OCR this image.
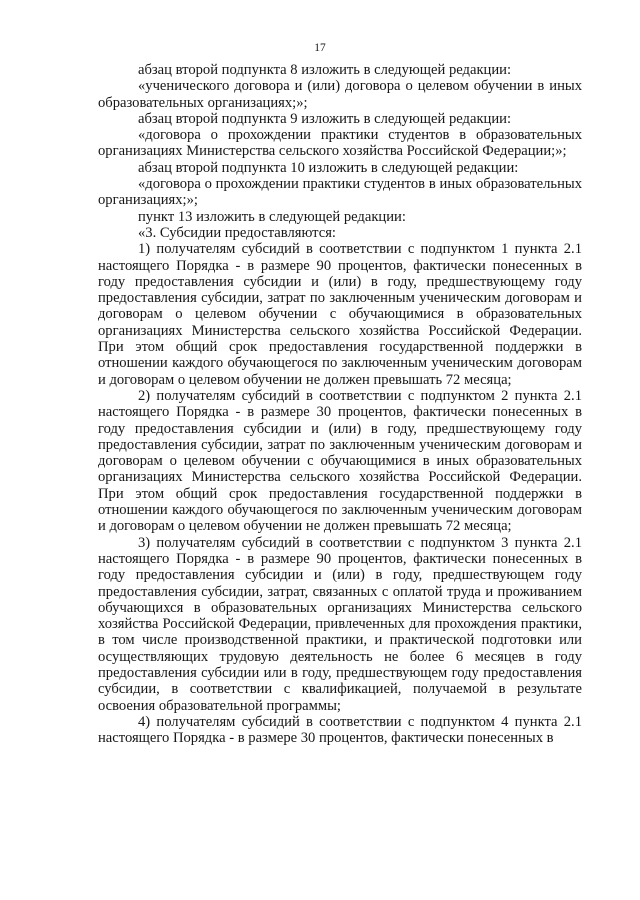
17

абзац второй подпункта 8 изложить в следующей редакции:

«ученического договора и (или) договора о целевом обучении в иных образовательных организациях;»;

абзац второй подпункта 9 изложить в следующей редакции:

«договора о прохождении практики студентов в образовательных организациях Министерства сельского хозяйства Российской Федерации;»;

абзац второй подпункта 10 изложить в следующей редакции:

«договора о прохождении практики студентов в иных образовательных организациях;»;

пункт 13 изложить в следующей редакции:

«3. Субсидии предоставляются:

1) получателям субсидий в соответствии с подпунктом 1 пункта 2.1 настоящего Порядка - в размере 90 процентов, фактически понесенных в году предоставления субсидии и (или) в году, предшествующему году предоставления субсидии, затрат по заключенным ученическим договорам и договорам о целевом обучении с обучающимися в образовательных организациях Министерства сельского хозяйства Российской Федерации. При этом общий срок предоставления государственной поддержки в отношении каждого обучающегося по заключенным ученическим договорам и договорам о целевом обучении не должен превышать 72 месяца;

2) получателям субсидий в соответствии с подпунктом 2 пункта 2.1 настоящего Порядка - в размере 30 процентов, фактически понесенных в году предоставления субсидии и (или) в году, предшествующему году предоставления субсидии, затрат по заключенным ученическим договорам и договорам о целевом обучении с обучающимися в иных образовательных организациях Министерства сельского хозяйства Российской Федерации. При этом общий срок предоставления государственной поддержки в отношении каждого обучающегося по заключенным ученическим договорам и договорам о целевом обучении не должен превышать 72 месяца;

3) получателям субсидий в соответствии с подпунктом 3 пункта 2.1 настоящего Порядка - в размере 90 процентов, фактически понесенных в году предоставления субсидии и (или) в году, предшествующем году предоставления субсидии, затрат, связанных с оплатой труда и проживанием обучающихся в образовательных организациях Министерства сельского хозяйства Российской Федерации, привлеченных для прохождения практики, в том числе производственной практики, и практической подготовки или осуществляющих трудовую деятельность не более 6 месяцев в году предоставления субсидии или в году, предшествующем году предоставления субсидии, в соответствии с квалификацией, получаемой в результате освоения образовательной программы;

4) получателям субсидий в соответствии с подпунктом 4 пункта 2.1 настоящего Порядка - в размере 30 процентов, фактически понесенных в
